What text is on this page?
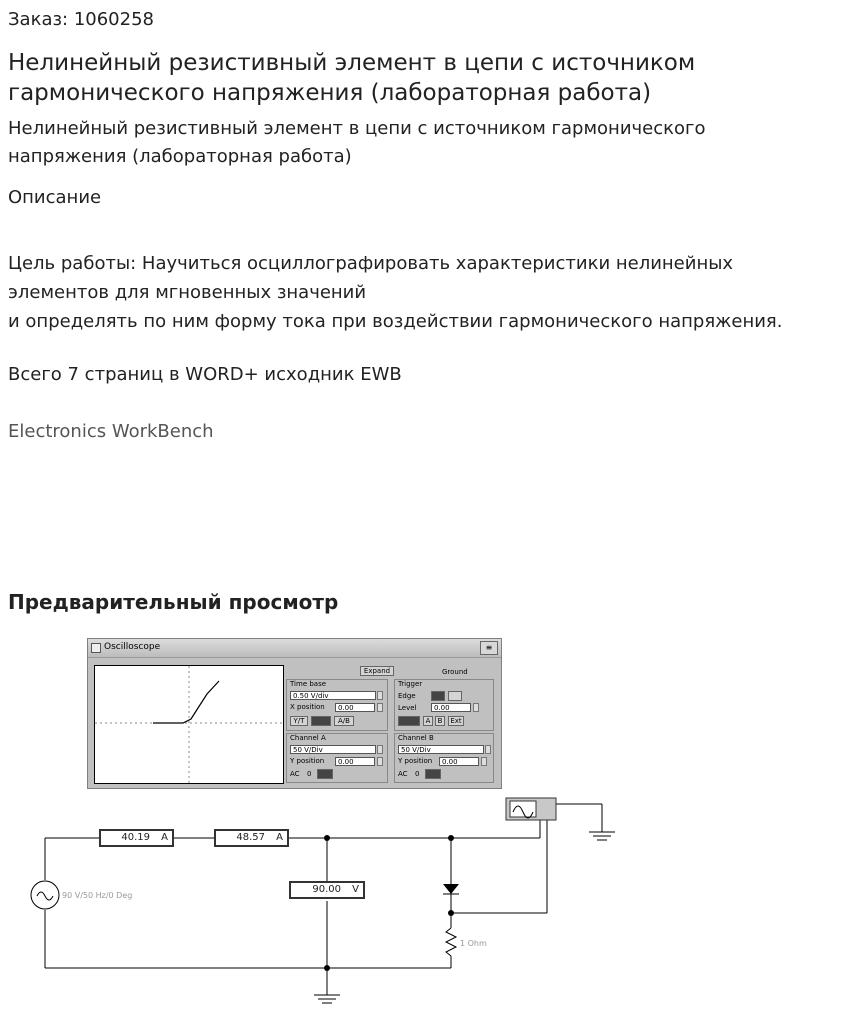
Заказ: 1060258
Нелинейный резистивный элемент в цепи с источником
гармонического напряжения (лабораторная работа)
Нелинейный резистивный элемент в цепи с источником гармонического
напряжения (лабораторная работа)
Описание
Цель работы: Научиться осциллографировать характеристики нелинейных
элементов для мгновенных значений
и определять по ним форму тока при воздействии гармонического напряжения.
Всего 7 страниц в WORD+ исходник EWB
Electronics WorkBench
Предварительный просмотр
Oscilloscope	≡
Expand	Ground
Time base
0.50 V/div
X position	0.00
Y/T	A/B
Trigger
Edge
Level	0.00
A	B	Ext
Channel A
50 V/Div
Y position	0.00
AC 0
Channel B
50 V/Div
Y position	0.00
AC 0
40.19 A	48.57 A
90.00 V
90 V/50 Hz/0 Deg
1 Ohm
